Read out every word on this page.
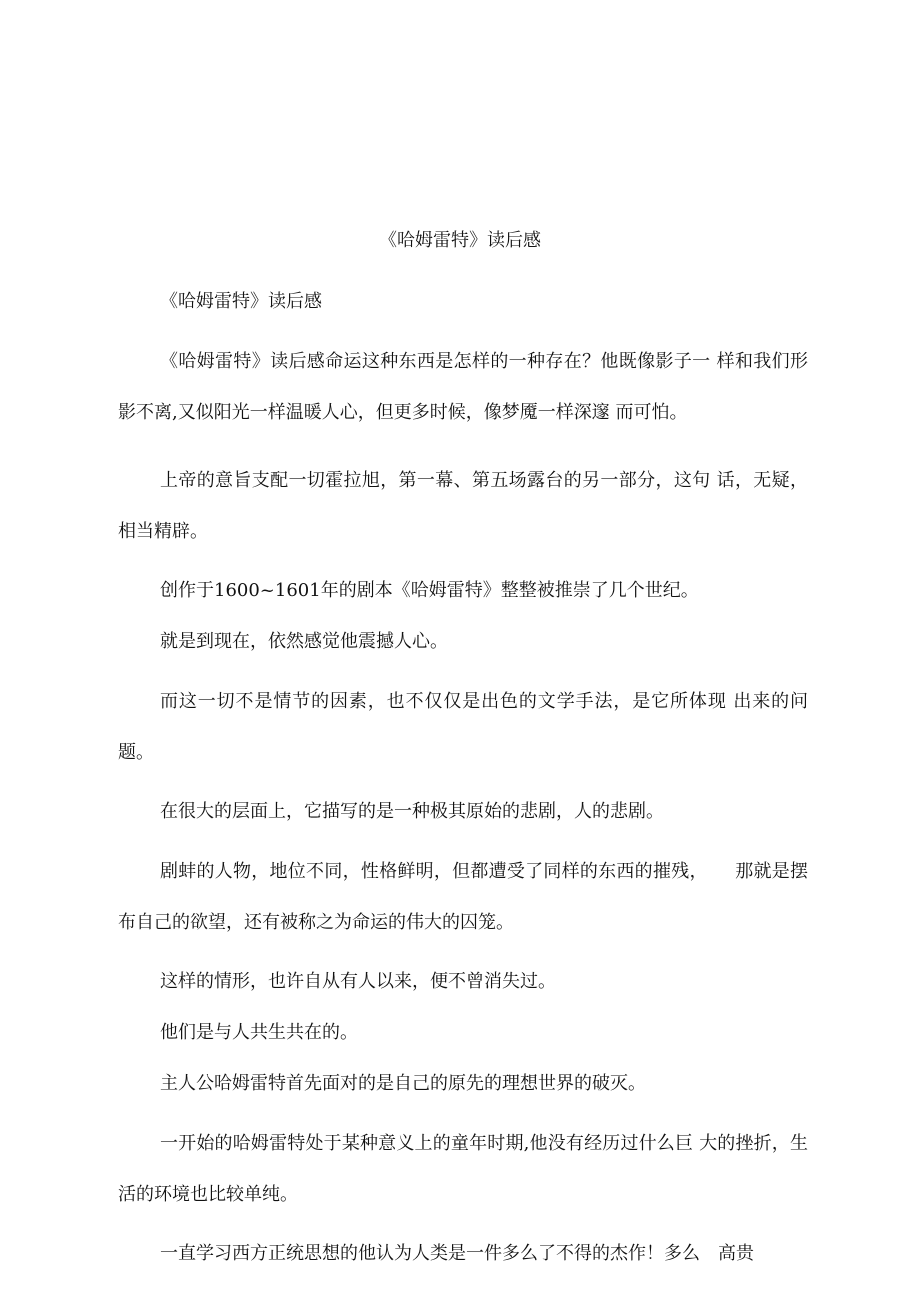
《哈姆雷特》读后感

《哈姆雷特》读后感

《哈姆雷特》读后感命运这种东西是怎样的一种存在？他既像影子一 样和我们形影不离,又似阳光一样温暖人心，但更多时候，像梦魇一样深邃 而可怕。

上帝的意旨支配一切霍拉旭，第一幕、第五场露台的另一部分，这句 话，无疑，相当精辟。

创作于1600~1601年的剧本《哈姆雷特》整整被推崇了几个世纪。

就是到现在，依然感觉他震撼人心。

而这一切不是情节的因素，也不仅仅是出色的文学手法，是它所体现 出来的问题。

在很大的层面上，它描写的是一种极其原始的悲剧，人的悲剧。

剧蚌的人物，地位不同，性格鲜明，但都遭受了同样的东西的摧残，　　那就是摆布自己的欲望，还有被称之为命运的伟大的囚笼。

这样的情形，也许自从有人以来，便不曾消失过。

他们是与人共生共在的。

主人公哈姆雷特首先面对的是自己的原先的理想世界的破灭。

一开始的哈姆雷特处于某种意义上的童年时期,他没有经历过什么巨 大的挫折，生活的环境也比较单纯。

一直学习西方正统思想的他认为人类是一件多么了不得的杰作！多么　高贵
